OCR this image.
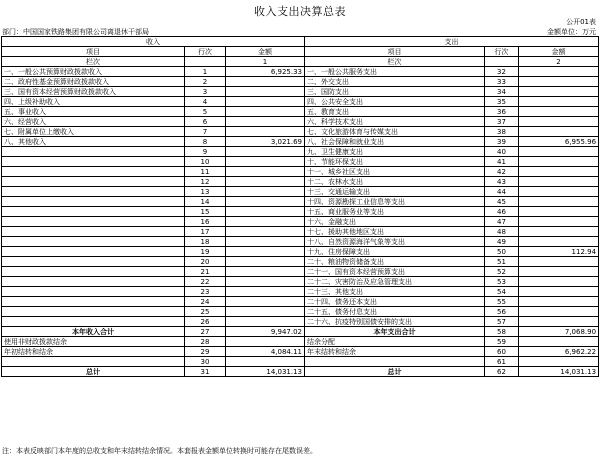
收入支出决算总表
公开01表
部门：中国国家铁路集团有限公司离退休干部局	金额单位：万元
收入			支出		
项目	行次	金额	项目	行次	金额
栏次		1	栏次		2
一、一般公共预算财政拨款收入	1	6,925.33	一、一般公共服务支出	32	
二、政府性基金预算财政拨款收入	2		二、外交支出	33	
三、国有资本经营预算财政拨款收入	3		三、国防支出	34	
四、上级补助收入	4		四、公共安全支出	35	
五、事业收入	5		五、教育支出	36	
六、经营收入	6		六、科学技术支出	37	
七、附属单位上缴收入	7		七、文化旅游体育与传媒支出	38	
八、其他收入	8	3,021.69	八、社会保障和就业支出	39	6,955.96
	9		九、卫生健康支出	40	
	10		十、节能环保支出	41	
	11		十一、城乡社区支出	42	
	12		十二、农林水支出	43	
	13		十三、交通运输支出	44	
	14		十四、资源勘探工业信息等支出	45	
	15		十五、商业服务业等支出	46	
	16		十六、金融支出	47	
	17		十七、援助其他地区支出	48	
	18		十八、自然资源海洋气象等支出	49	
	19		十九、住房保障支出	50	112.94
	20		二十、粮油物资储备支出	51	
	21		二十一、国有资本经营预算支出	52	
	22		二十二、灾害防治及应急管理支出	53	
	23		二十三、其他支出	54	
	24		二十四、债务还本支出	55	
	25		二十五、债务付息支出	56	
	26		二十六、抗疫特别国债安排的支出	57	
本年收入合计	27	9,947.02	本年支出合计	58	7,068.90
使用非财政拨款结余	28		结余分配	59	
年初结转和结余	29	4,084.11	年末结转和结余	60	6,962.22
	30			61	
总计	31	14,031.13	总计	62	14,031.13
注：本表反映部门本年度的总收支和年末结转结余情况。本套报表金额单位转换时可能存在尾数误差。
